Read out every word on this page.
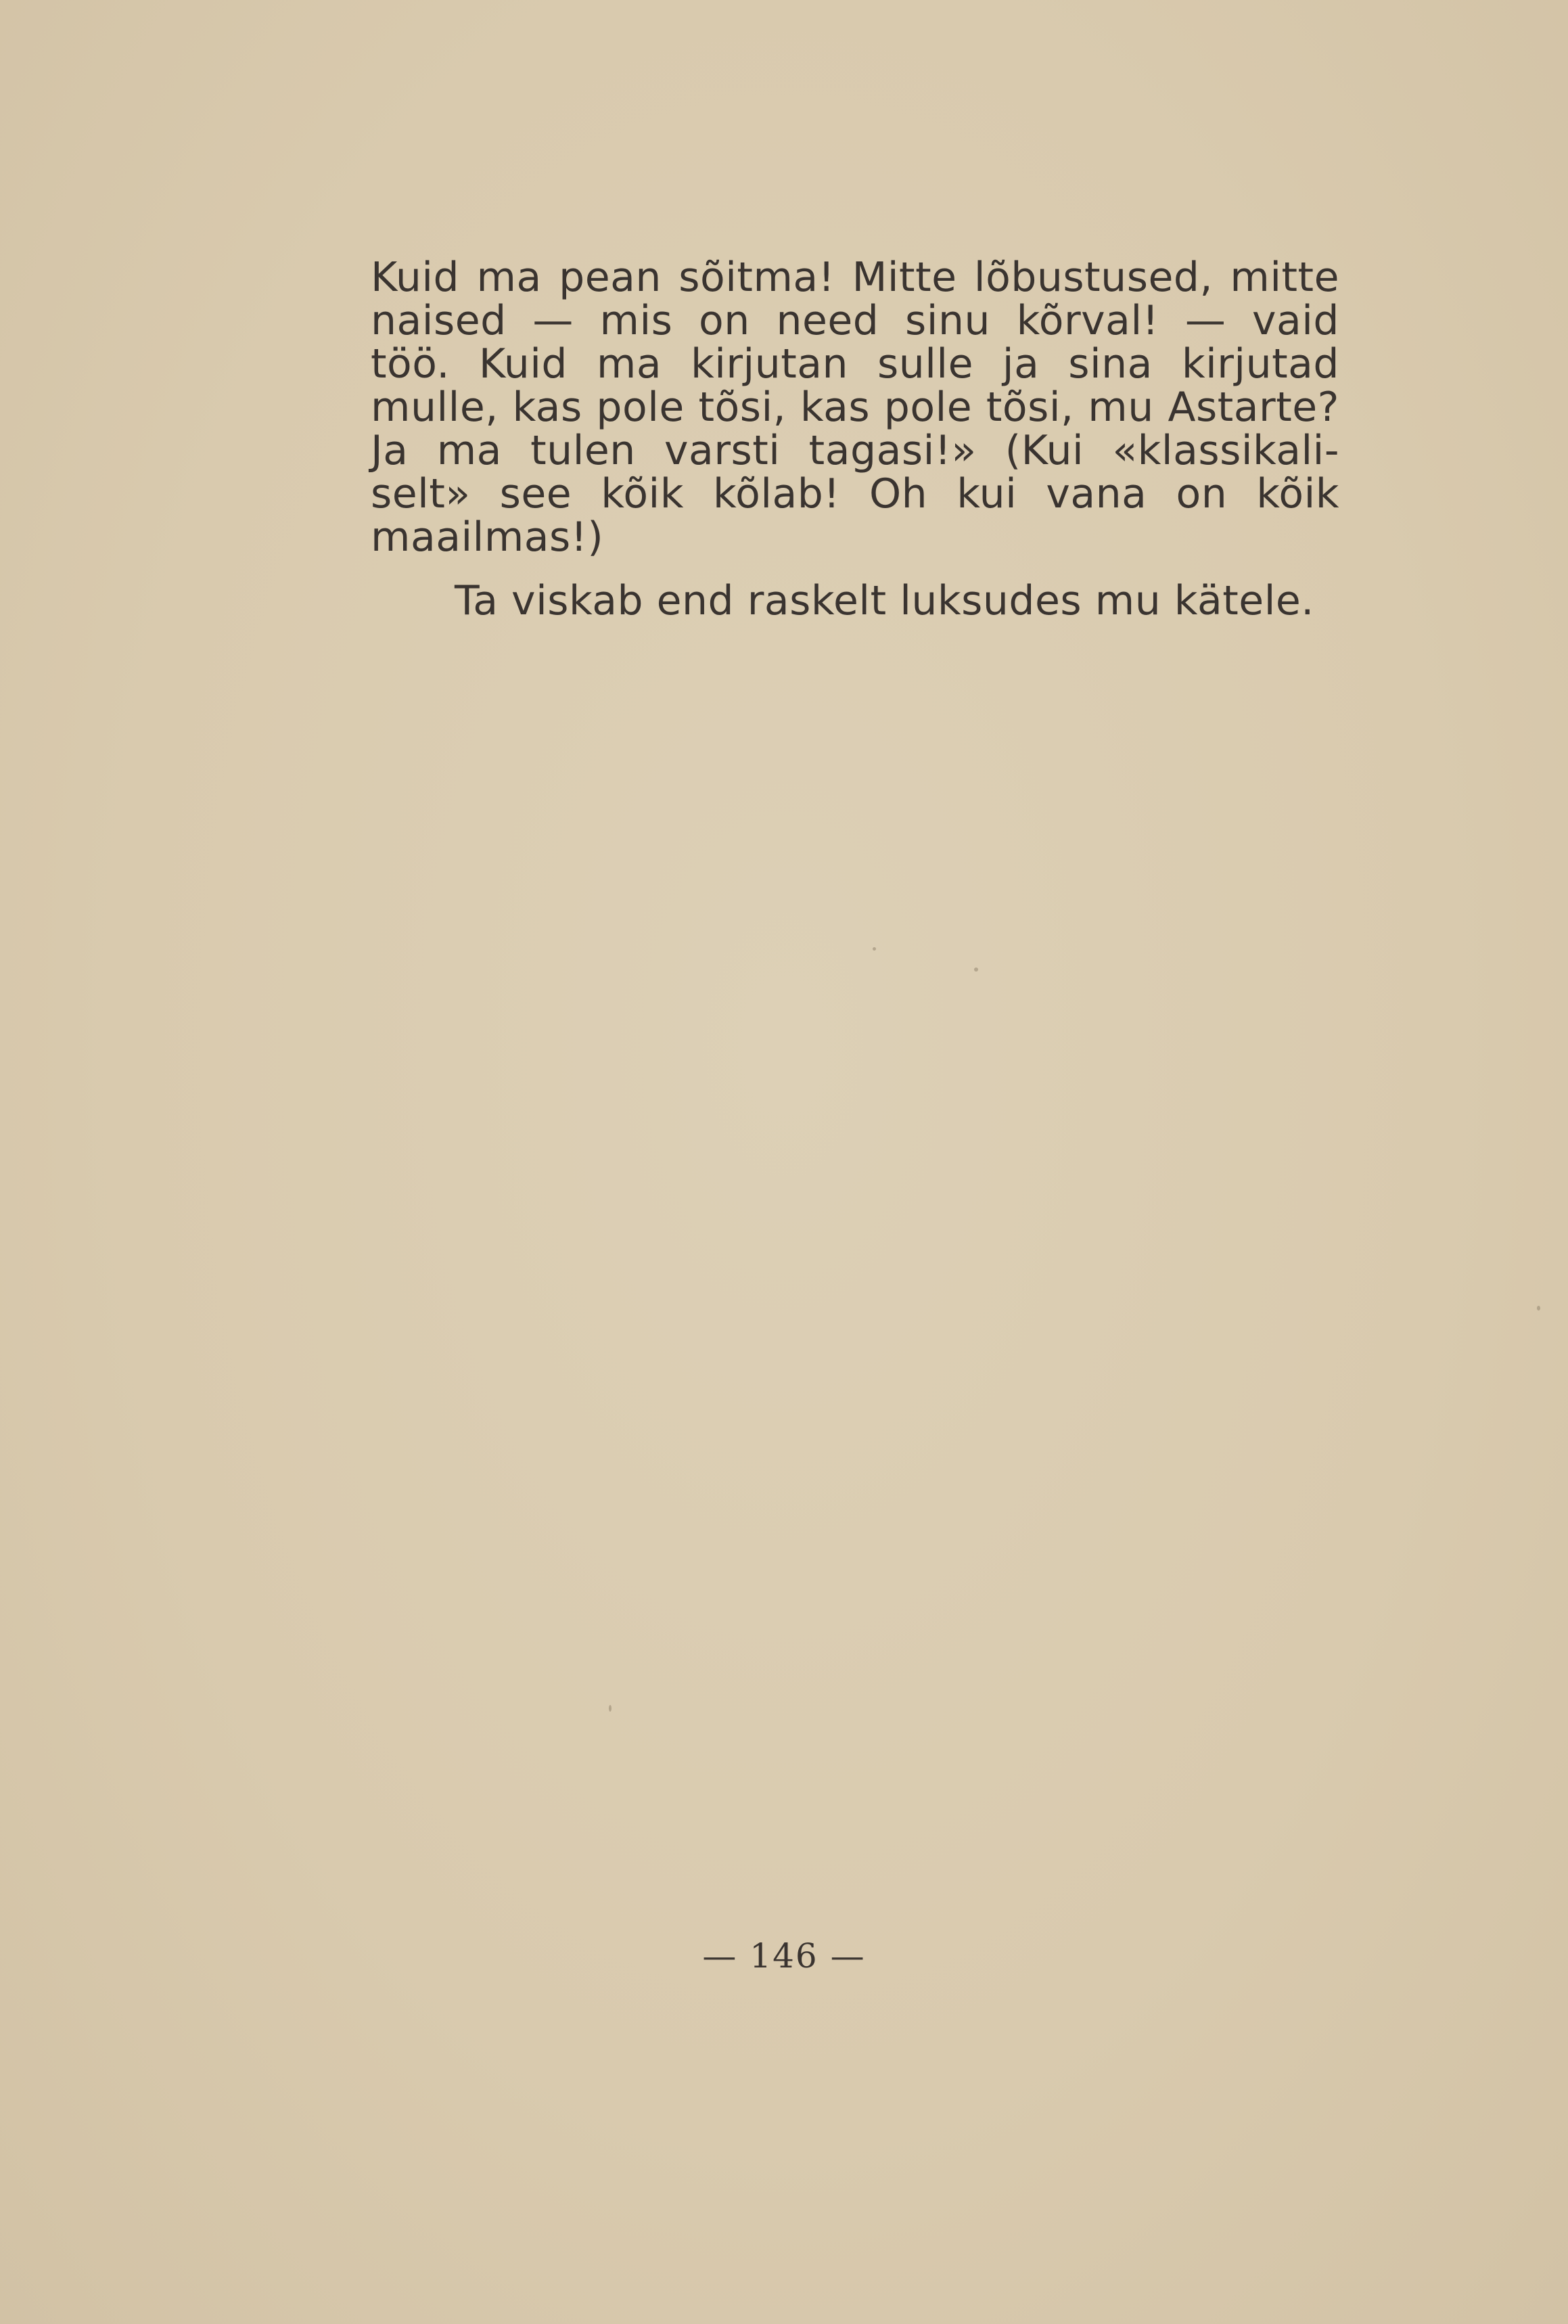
Kuid ma pean sõitma! Mitte lõbustused, mitte
naised — mis on need sinu kõrval! — vaid
töö. Kuid ma kirjutan sulle ja sina kirjutad
mulle, kas pole tõsi, kas pole tõsi, mu Astarte?
Ja ma tulen varsti tagasi!» (Kui «klassikali-
selt» see kõik kõlab! Oh kui vana on kõik
maailmas!)

Ta viskab end raskelt luksudes mu kätele.

— 146 —
